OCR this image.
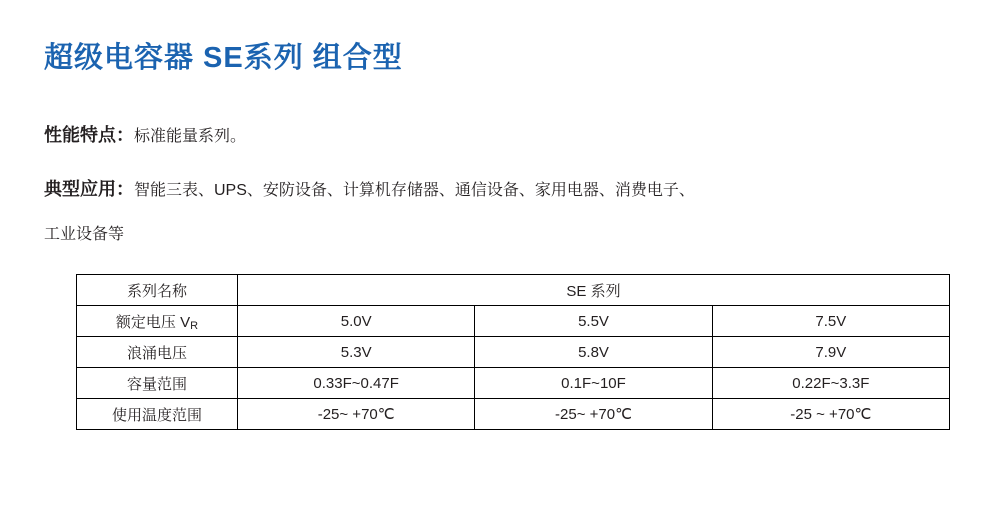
超级电容器 SE系列 组合型
性能特点：标准能量系列。
典型应用：智能三表、UPS、安防设备、计算机存储器、通信设备、家用电器、消费电子、
工业设备等
系列名称	SE 系列		
额定电压 VR	5.0V	5.5V	7.5V
浪涌电压	5.3V	5.8V	7.9V
容量范围	0.33F~0.47F	0.1F~10F	0.22F~3.3F
使用温度范围	-25~ +70℃	-25~ +70℃	-25 ~ +70℃
